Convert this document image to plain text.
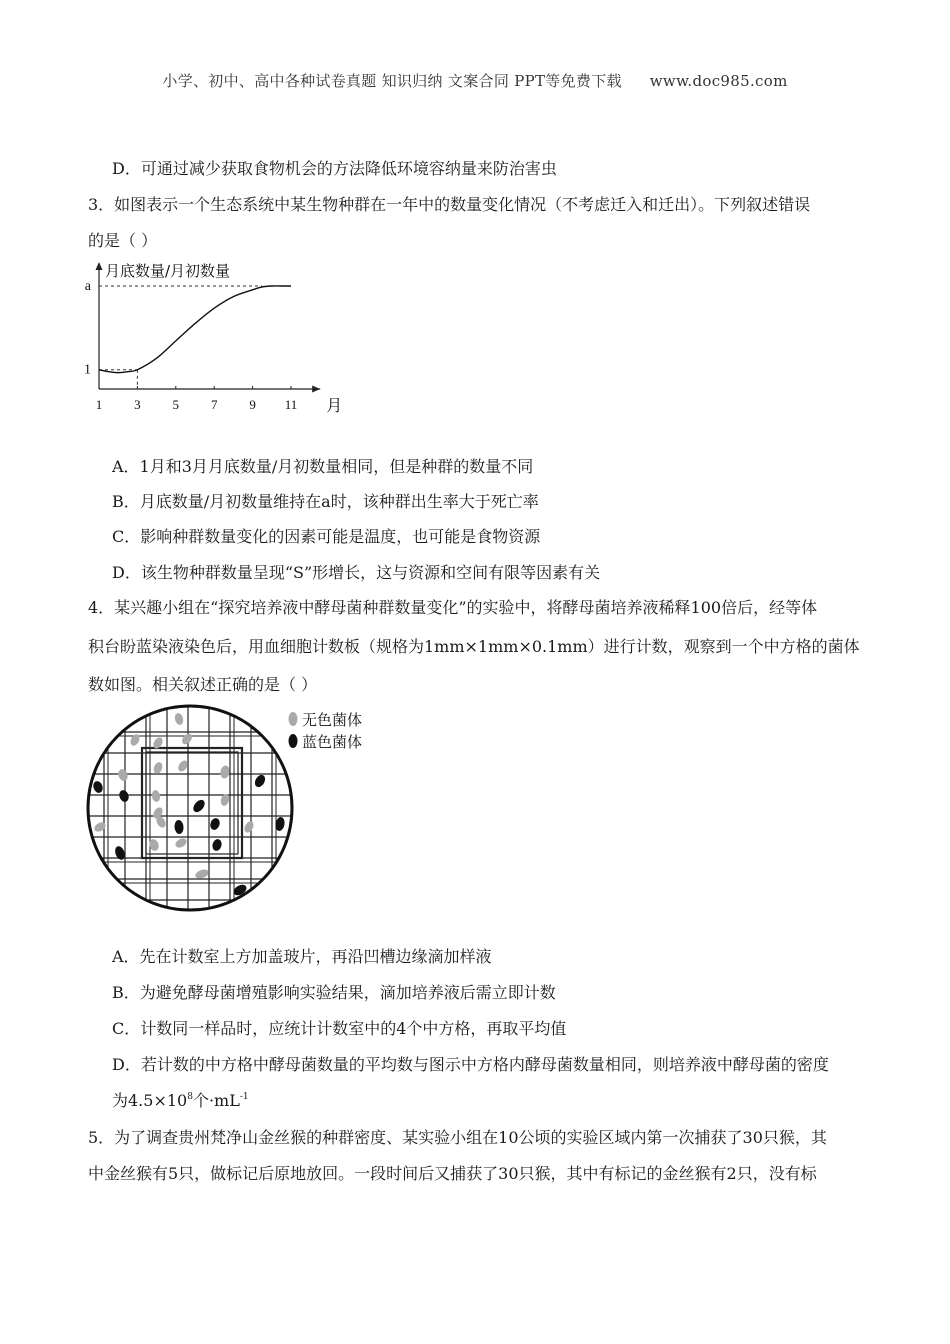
小学、初中、高中各种试卷真题 知识归纳 文案合同 PPT等免费下载 www.doc985.com
D．可通过减少获取食物机会的方法降低环境容纳量来防治害虫
3．如图表示一个生态系统中某生物种群在一年中的数量变化情况（不考虑迁入和迁出）。下列叙述错误
的是（ ）
1 3 5 7 9 11 月
月底数量/月初数量
1
a
A．1月和3月月底数量/月初数量相同，但是种群的数量不同
B．月底数量/月初数量维持在a时，该种群出生率大于死亡率
C．影响种群数量变化的因素可能是温度，也可能是食物资源
D．该生物种群数量呈现“S”形增长，这与资源和空间有限等因素有关
4．某兴趣小组在“探究培养液中酵母菌种群数量变化”的实验中，将酵母菌培养液稀释100倍后，经等体
积台盼蓝染液染色后，用血细胞计数板（规格为1mm×1mm×0.1mm）进行计数，观察到一个中方格的菌体
数如图。相关叙述正确的是（ ）
无色菌体
蓝色菌体
A．先在计数室上方加盖玻片，再沿凹槽边缘滴加样液
B．为避免酵母菌增殖影响实验结果，滴加培养液后需立即计数
C．计数同一样品时，应统计计数室中的4个中方格，再取平均值
D．若计数的中方格中酵母菌数量的平均数与图示中方格内酵母菌数量相同，则培养液中酵母菌的密度
为$4.5\times 10^8$个$\cdot mL^{-1}$
5．为了调查贵州梵净山金丝猴的种群密度、某实验小组在10公顷的实验区域内第一次捕获了30只猴，其
中金丝猴有5只，做标记后原地放回。一段时间后又捕获了30只猴，其中有标记的金丝猴有2只，没有标
